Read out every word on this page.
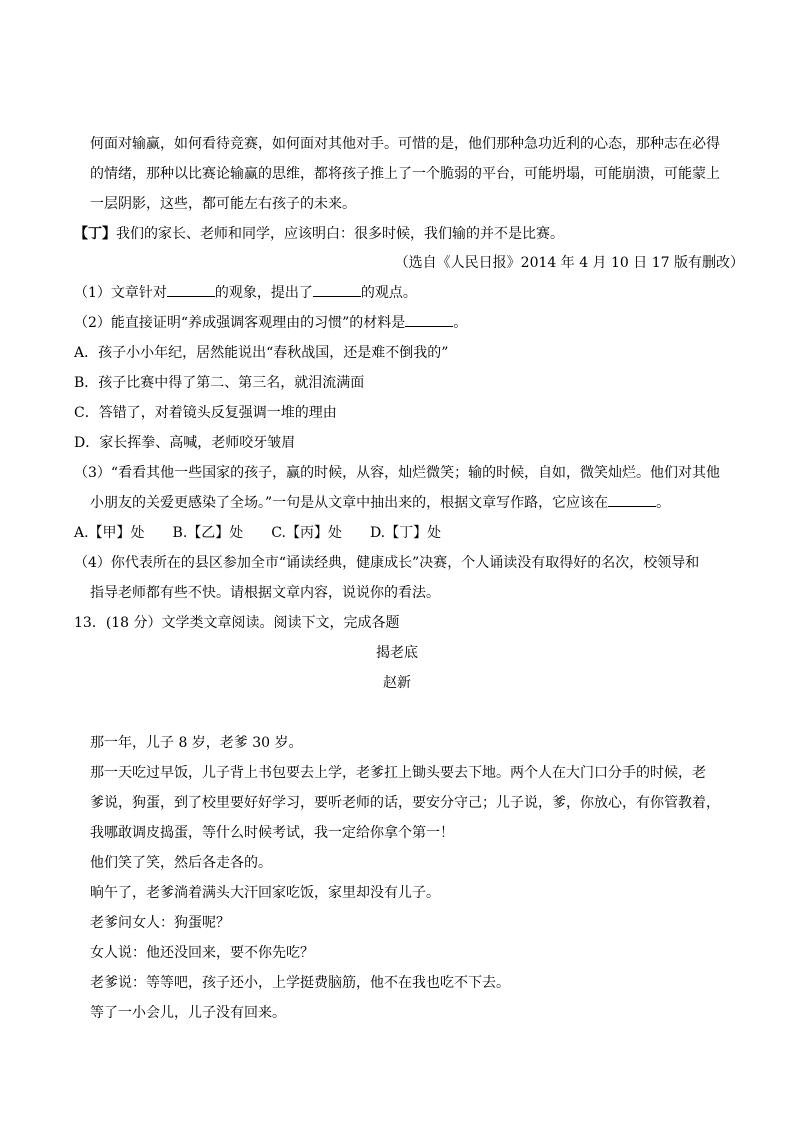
何面对输赢，如何看待竞赛，如何面对其他对手。可惜的是，他们那种急功近利的心态，那种志在必得
的情绪，那种以比赛论输赢的思维，都将孩子推上了一个脆弱的平台，可能坍塌，可能崩溃，可能蒙上
一层阴影，这些，都可能左右孩子的未来。
【丁】我们的家长、老师和同学，应该明白：很多时候，我们输的并不是比赛。
（选自《人民日报》2014 年 4 月 10 日 17 版有删改）
（1）文章针对	的观象，提出了	的观点。
（2）能直接证明“养成强调客观理由的习惯”的材料是	。
A．孩子小小年纪，居然能说出“春秋战国，还是难不倒我的”
B．孩子比赛中得了第二、第三名，就泪流满面
C．答错了，对着镜头反复强调一堆的理由
D．家长挥拳、高喊，老师咬牙皱眉
（3）“看看其他一些国家的孩子，赢的时候，从容，灿烂微笑；输的时候，自如，微笑灿烂。他们对其他
小朋友的关爱更感染了全场。”一句是从文章中抽出来的，根据文章写作路，它应该在	。
A.【甲】处　　B.【乙】处　　C.【丙】处　　D.【丁】处
（4）你代表所在的县区参加全市“诵读经典，健康成长”决赛，个人诵读没有取得好的名次，校领导和
指导老师都有些不快。请根据文章内容，说说你的看法。
13．(18 分）文学类文章阅读。阅读下文，完成各题
揭老底
赵新
那一年，儿子 8 岁，老爹 30 岁。
那一天吃过早饭，儿子背上书包要去上学，老爹扛上锄头要去下地。两个人在大门口分手的时候，老
爹说，狗蛋，到了校里要好好学习，要听老师的话，要安分守己；儿子说，爹，你放心，有你管教着，
我哪敢调皮捣蛋，等什么时候考试，我一定给你拿个第一！
他们笑了笑，然后各走各的。
晌午了，老爹淌着满头大汗回家吃饭，家里却没有儿子。
老爹问女人：狗蛋呢？
女人说：他还没回来，要不你先吃？
老爹说：等等吧，孩子还小，上学挺费脑筋，他不在我也吃不下去。
等了一小会儿，儿子没有回来。
